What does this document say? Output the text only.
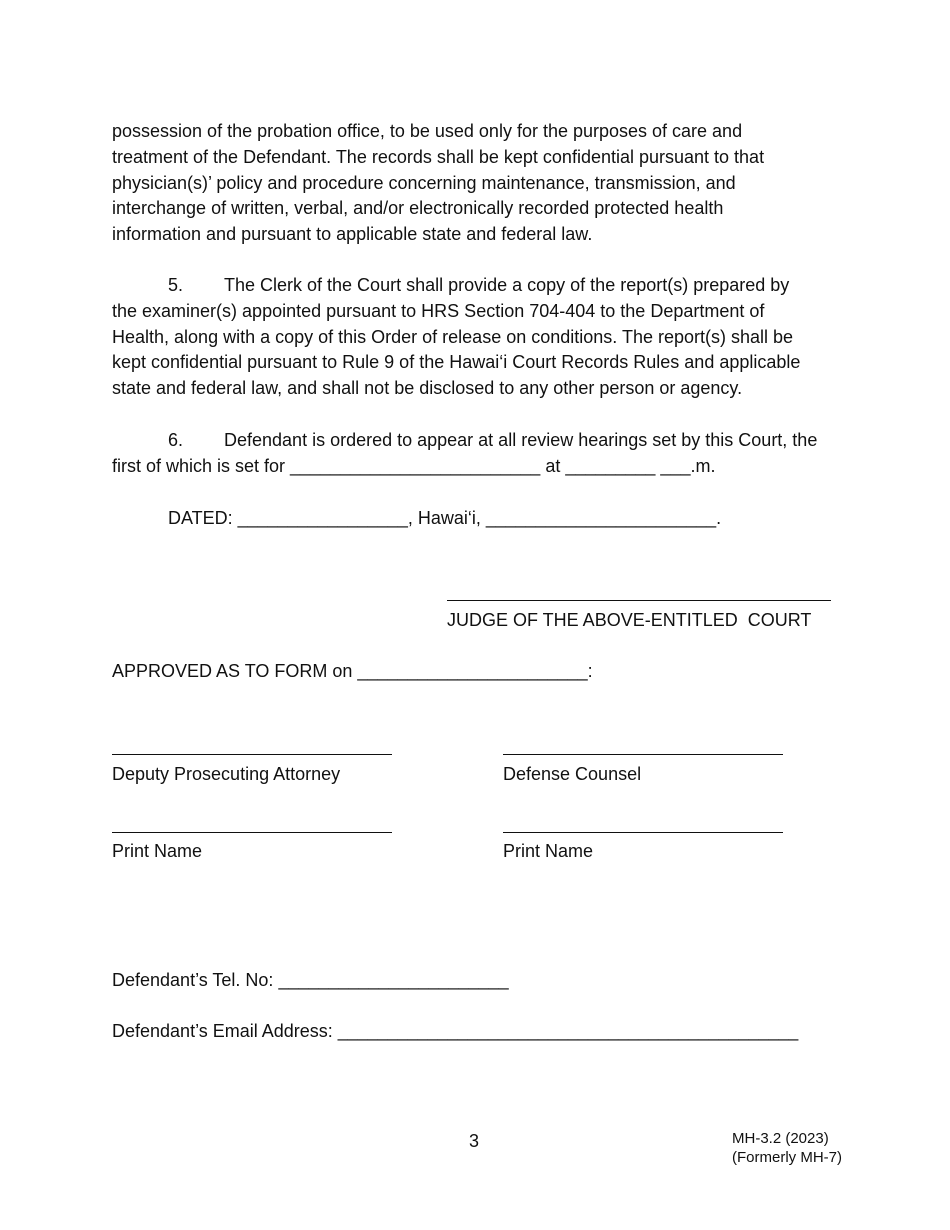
possession of the probation office, to be used only for the purposes of care and
treatment of the Defendant. The records shall be kept confidential pursuant to that
physician(s)’ policy and procedure concerning maintenance, transmission, and
interchange of written, verbal, and/or electronically recorded protected health
information and pursuant to applicable state and federal law.
5. The Clerk of the Court shall provide a copy of the report(s) prepared by
the examiner(s) appointed pursuant to HRS Section 704-404 to the Department of
Health, along with a copy of this Order of release on conditions. The report(s) shall be
kept confidential pursuant to Rule 9 of the Hawai‘i Court Records Rules and applicable
state and federal law, and shall not be disclosed to any other person or agency.
6. Defendant is ordered to appear at all review hearings set by this Court, the
first of which is set for _________________________ at _________ ___.m.
DATED: _________________, Hawai‘i, _______________________.
JUDGE OF THE ABOVE-ENTITLED  COURT
APPROVED AS TO FORM on _______________________:
Deputy Prosecuting Attorney	Defense Counsel
Print Name	Print Name
Defendant’s Tel. No: _______________________
Defendant’s Email Address: ______________________________________________
3	MH-3.2 (2023)
(Formerly MH-7)
